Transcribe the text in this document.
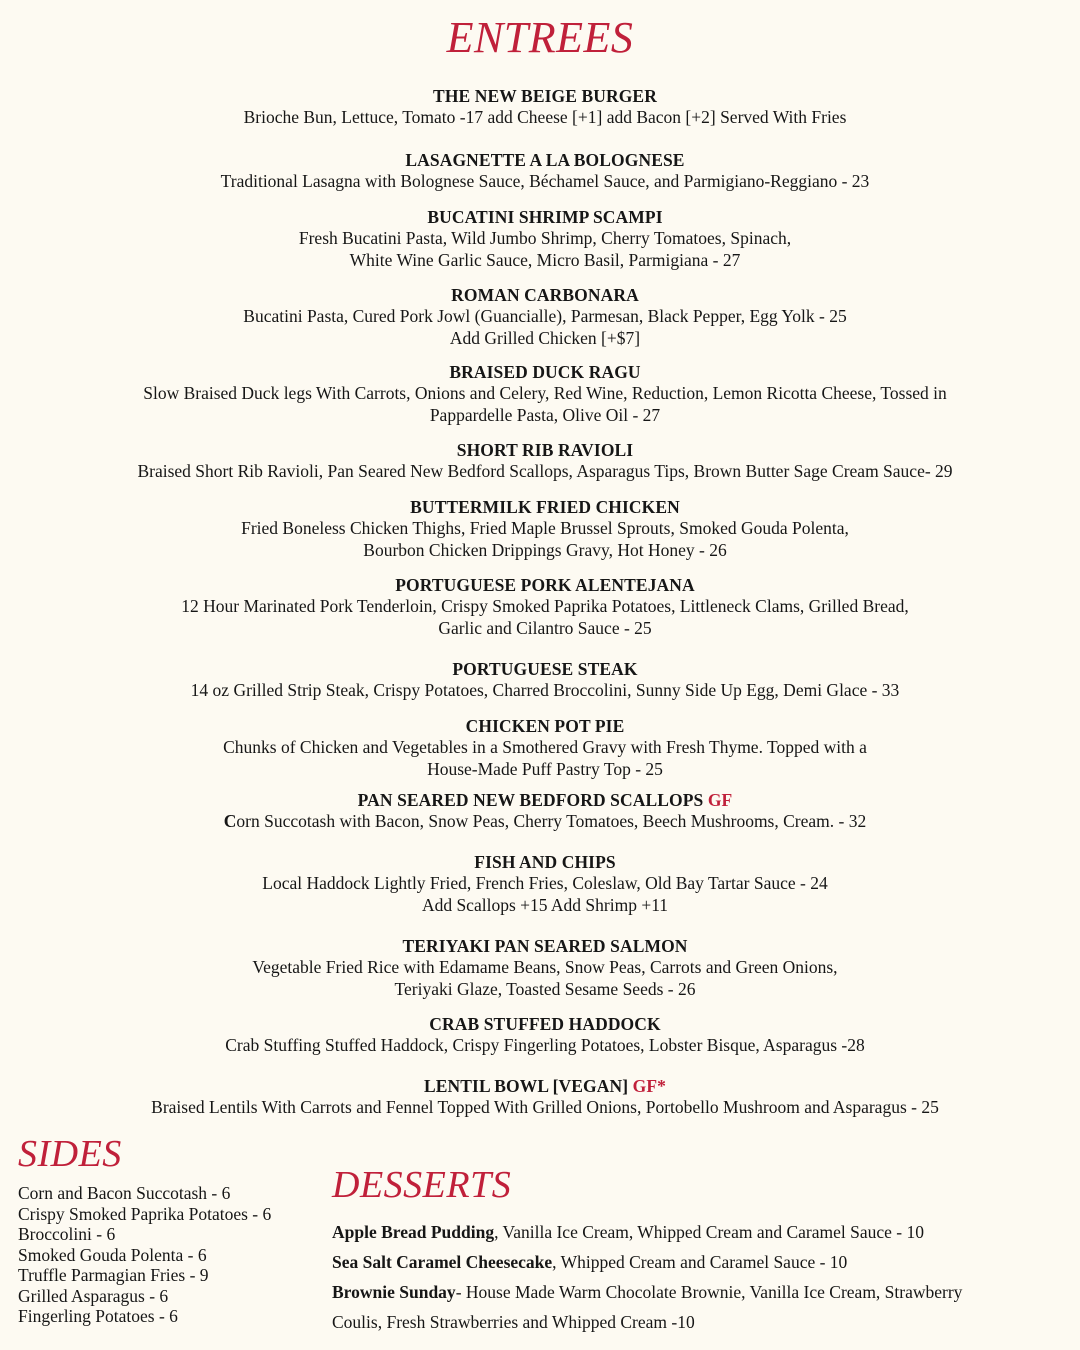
ENTREES
THE NEW BEIGE BURGER
Brioche Bun, Lettuce, Tomato -17 add Cheese [+1] add Bacon [+2] Served With Fries
LASAGNETTE A LA BOLOGNESE
Traditional Lasagna with Bolognese Sauce, Béchamel Sauce, and Parmigiano-Reggiano - 23
BUCATINI SHRIMP SCAMPI
Fresh Bucatini Pasta, Wild Jumbo Shrimp, Cherry Tomatoes, Spinach,
White Wine Garlic Sauce, Micro Basil, Parmigiana - 27
ROMAN CARBONARA
Bucatini Pasta, Cured Pork Jowl (Guancialle), Parmesan, Black Pepper, Egg Yolk - 25
Add Grilled Chicken [+$7]
BRAISED DUCK RAGU
Slow Braised Duck legs With Carrots, Onions and Celery, Red Wine, Reduction, Lemon Ricotta Cheese, Tossed in
Pappardelle Pasta, Olive Oil - 27
SHORT RIB RAVIOLI
Braised Short Rib Ravioli, Pan Seared New Bedford Scallops, Asparagus Tips, Brown Butter Sage Cream Sauce- 29
BUTTERMILK FRIED CHICKEN
Fried Boneless Chicken Thighs, Fried Maple Brussel Sprouts, Smoked Gouda Polenta,
Bourbon Chicken Drippings Gravy, Hot Honey - 26
PORTUGUESE PORK ALENTEJANA
12 Hour Marinated Pork Tenderloin, Crispy Smoked Paprika Potatoes, Littleneck Clams, Grilled Bread,
Garlic and Cilantro Sauce - 25
PORTUGUESE STEAK
14 oz Grilled Strip Steak, Crispy Potatoes, Charred Broccolini, Sunny Side Up Egg, Demi Glace - 33
CHICKEN POT PIE
Chunks of Chicken and Vegetables in a Smothered Gravy with Fresh Thyme. Topped with a
House-Made Puff Pastry Top - 25
PAN SEARED NEW BEDFORD SCALLOPS GF
Corn Succotash with Bacon, Snow Peas, Cherry Tomatoes, Beech Mushrooms, Cream. - 32
FISH AND CHIPS
Local Haddock Lightly Fried, French Fries, Coleslaw, Old Bay Tartar Sauce - 24
Add Scallops +15 Add Shrimp +11
TERIYAKI PAN SEARED SALMON
Vegetable Fried Rice with Edamame Beans, Snow Peas, Carrots and Green Onions,
Teriyaki Glaze, Toasted Sesame Seeds - 26
CRAB STUFFED HADDOCK
Crab Stuffing Stuffed Haddock, Crispy Fingerling Potatoes, Lobster Bisque, Asparagus -28
LENTIL BOWL [VEGAN] GF*
Braised Lentils With Carrots and Fennel Topped With Grilled Onions, Portobello Mushroom and Asparagus - 25
SIDES
Corn and Bacon Succotash - 6
Crispy Smoked Paprika Potatoes - 6
Broccolini - 6
Smoked Gouda Polenta - 6
Truffle Parmagian Fries - 9
Grilled Asparagus - 6
Fingerling Potatoes - 6
DESSERTS
Apple Bread Pudding, Vanilla Ice Cream, Whipped Cream and Caramel Sauce - 10
Sea Salt Caramel Cheesecake, Whipped Cream and Caramel Sauce - 10
Brownie Sunday- House Made Warm Chocolate Brownie, Vanilla Ice Cream, Strawberry
Coulis, Fresh Strawberries and Whipped Cream -10
